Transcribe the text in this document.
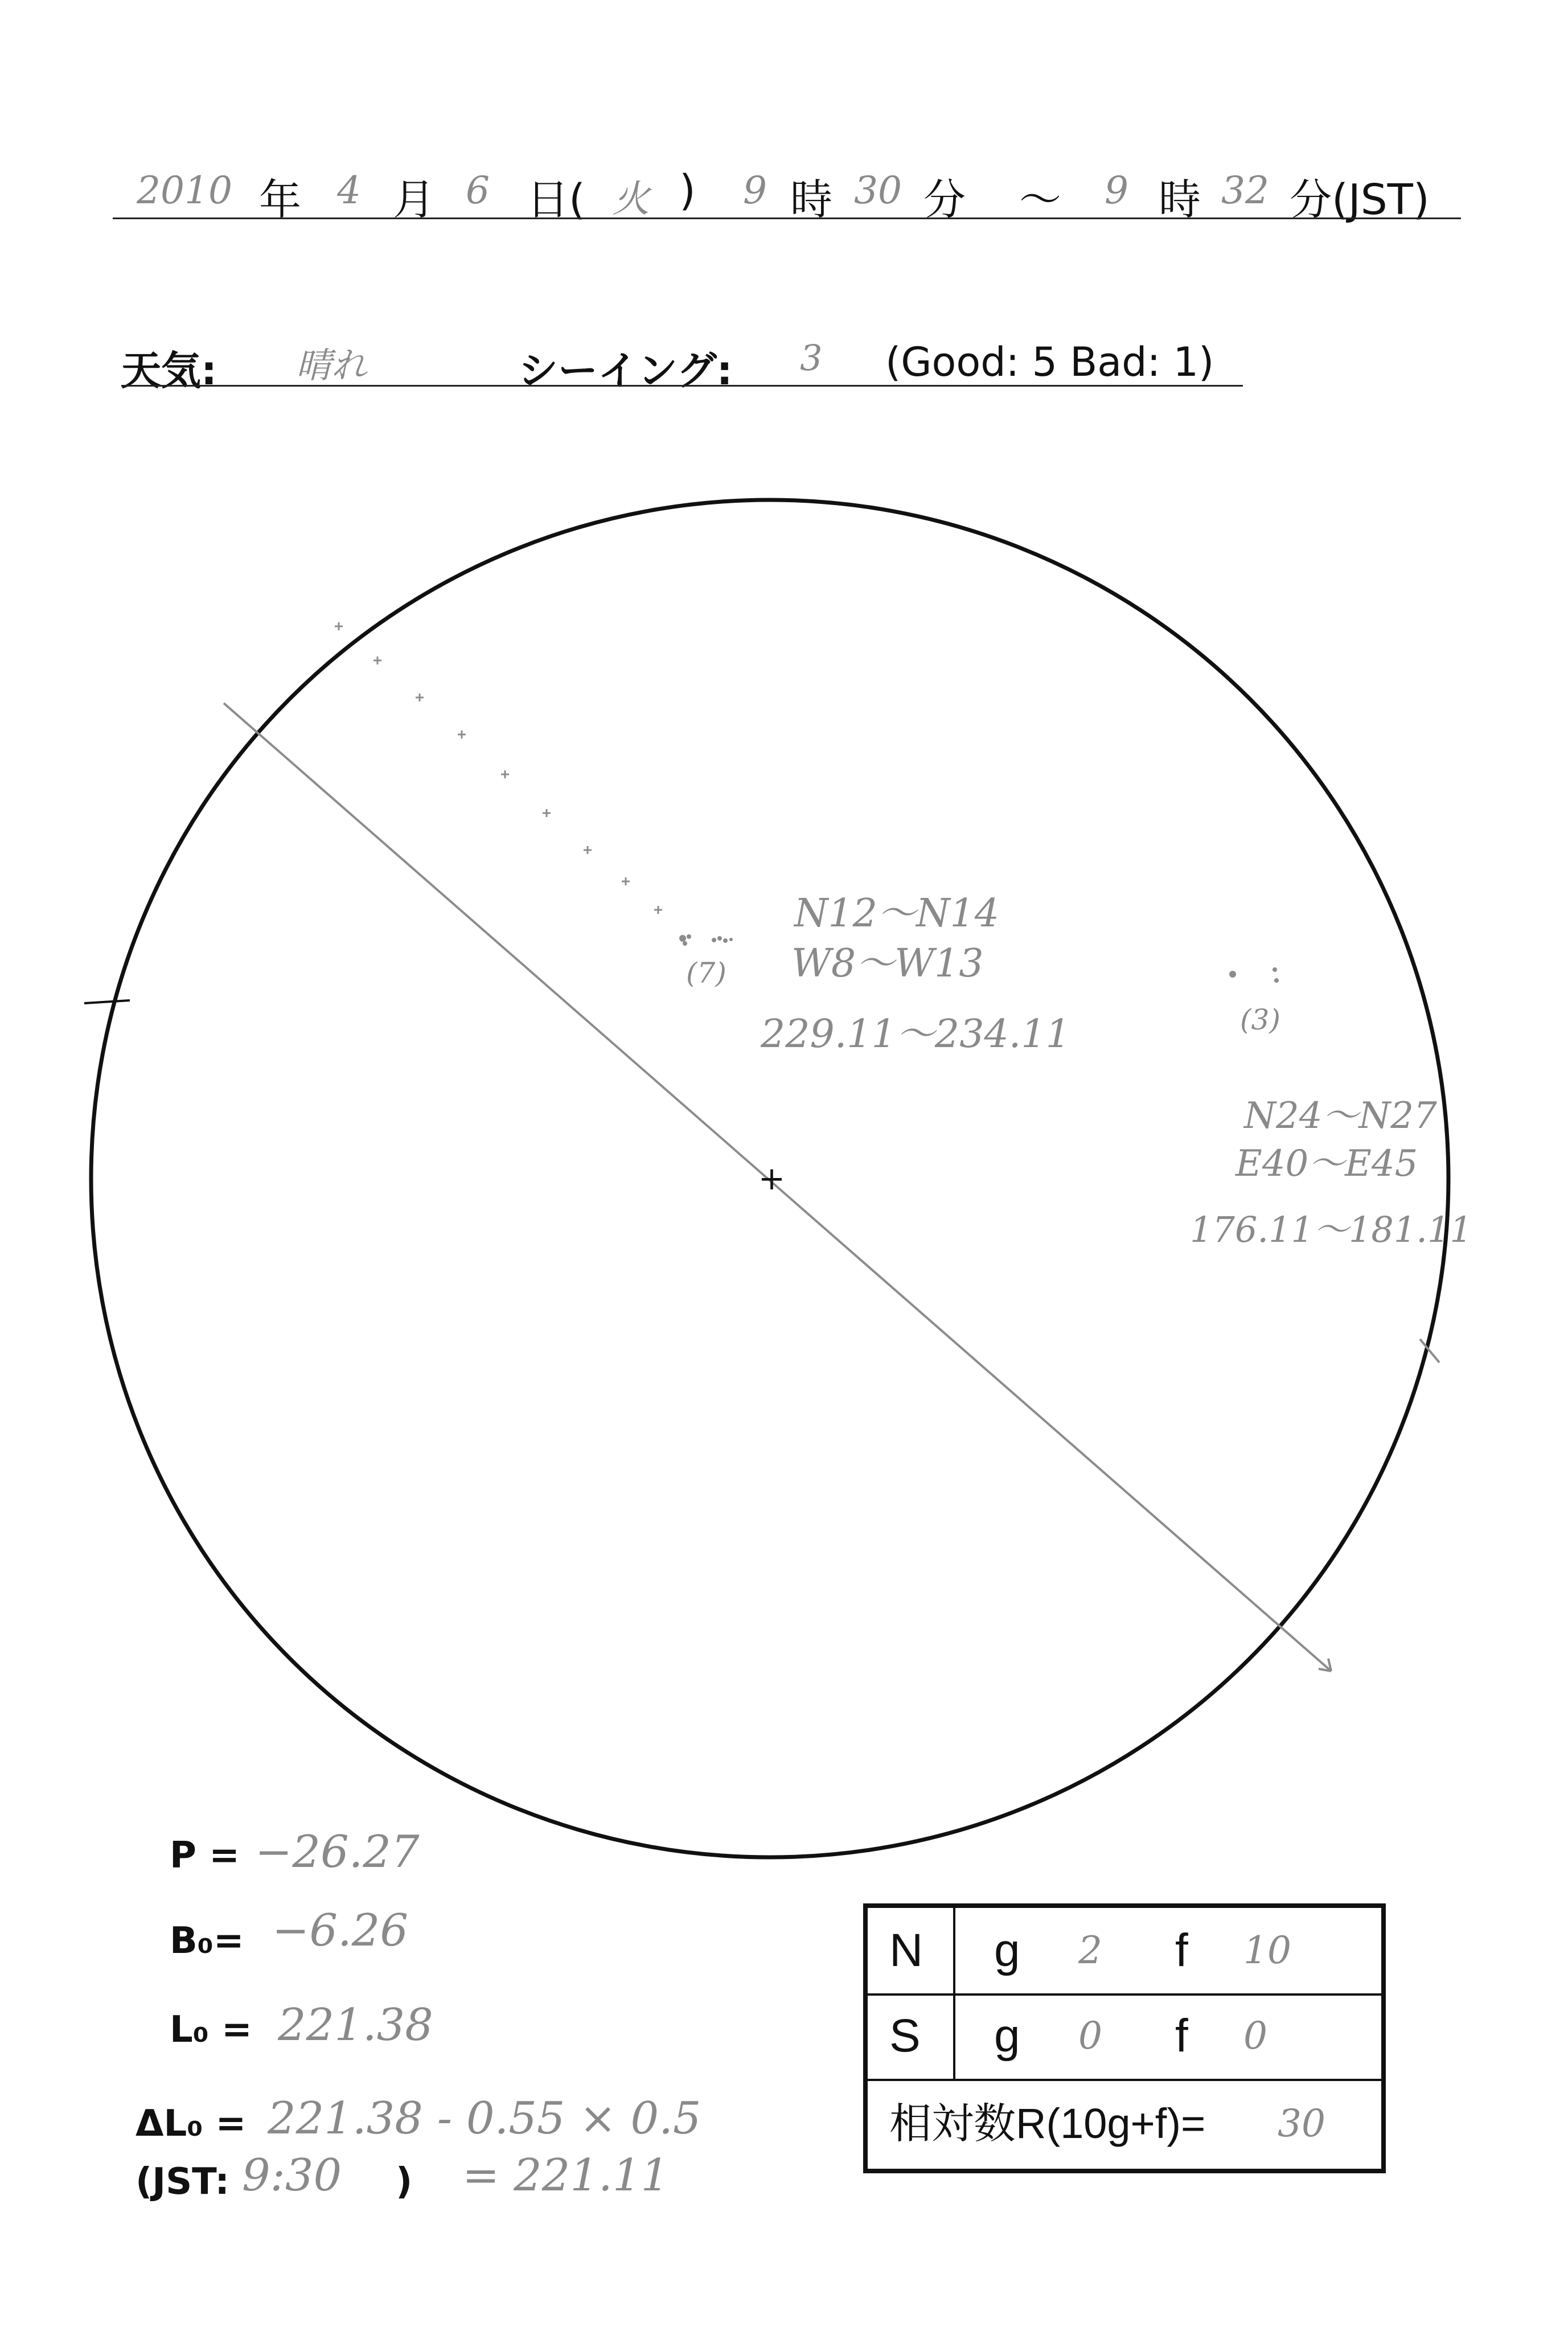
2010 年 4 月 6 日( 火 ) 9 時 30 分 〜 9 時 32 分(JST)
天気: 晴れ	シーイング: 3 (Good: 5 Bad: 1)
+
(7)
N12〜N14
W8〜W13
229.11〜234.11	(3)
N24〜N27
E40〜E45
176.11〜181.11
P = −26.27
B₀= −6.26
L₀ = 221.38
ΔL₀ = 221.38 - 0.55 × 0.5
(JST: 9:30 ) = 221.11
N g 2 f 10
S g 0 f 0
相対数R(10g+f)= 30
